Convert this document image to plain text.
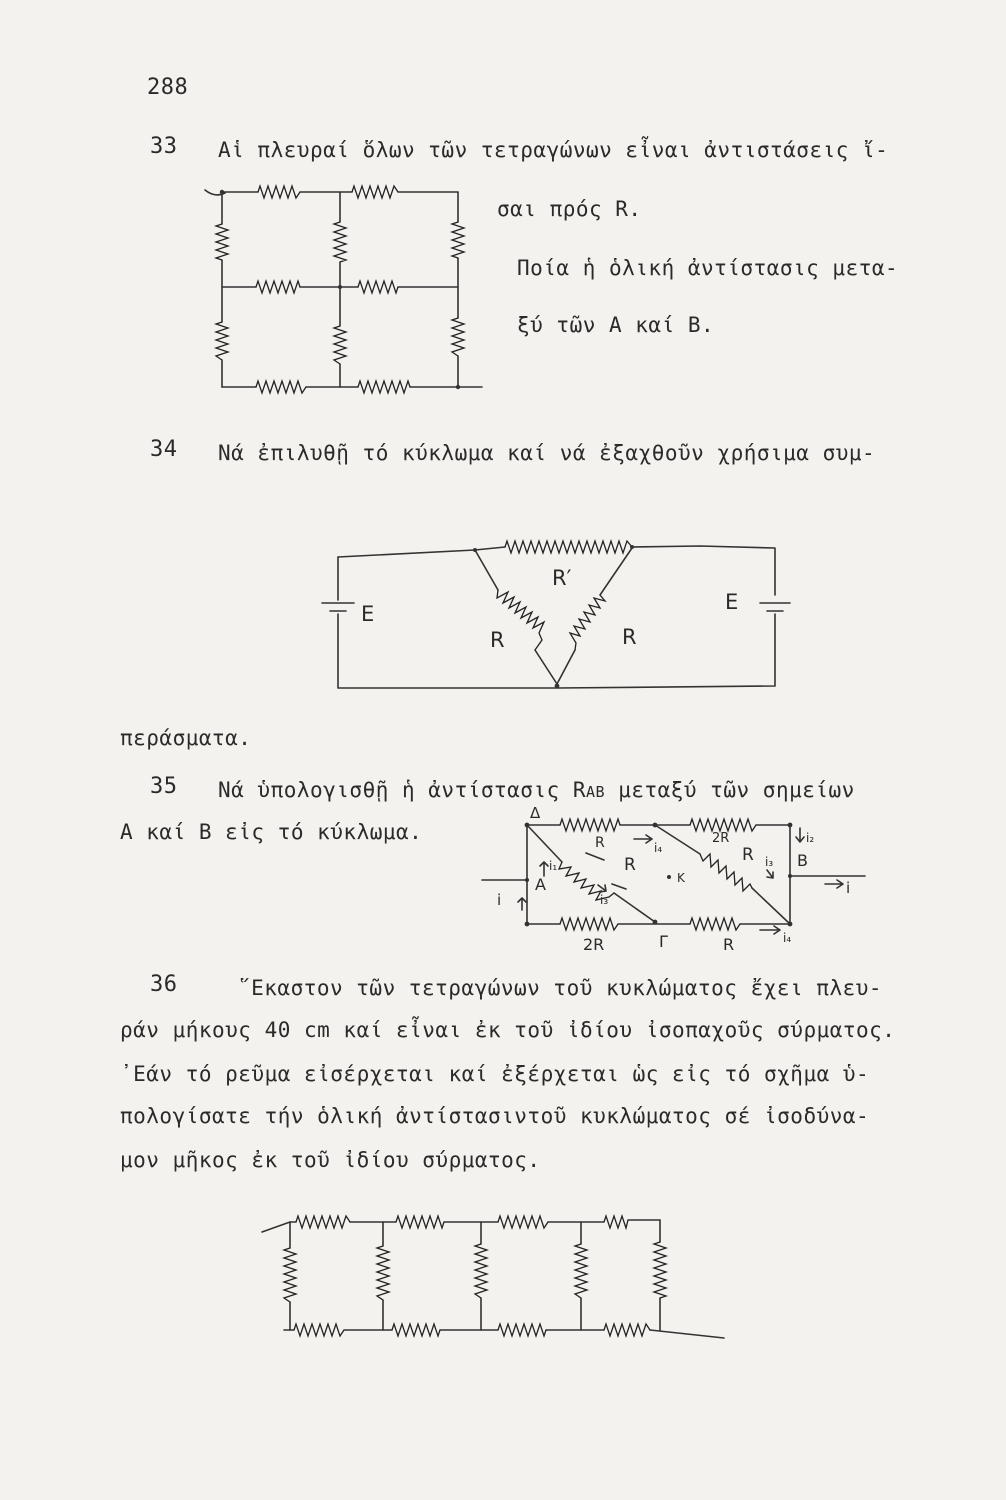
288
33 Αἱ πλευραί ὅλων τῶν τετραγώνων εἶναι ἀντιστάσεις ἴ-
σαι πρός R.
Ποία ἡ ὁλική ἀντίστασις μετα-
ξύ τῶν A καί B.
34 Νά ἐπιλυθῇ τό κύκλωμα καί νά ἐξαχθοῦν χρήσιμα συμ-
E	E
R′
R	R
περάσματα.
35 Νά ὑπολογισθῇ ἡ ἀντίστασις RAB μεταξύ τῶν σημείων
A καί B εἰς τό κύκλωμα.
Δ
A
B
Γ
K
R	2R
R	R
2R	R
i
i
i₁
i₂
i₃
i₃
i₄
i₄
36	῞Εκαστον τῶν τετραγώνων τοῦ κυκλώματος ἔχει πλευ-
ράν μήκους 40 cm καί εἶναι ἐκ τοῦ ἰδίου ἰσοπαχοῦς σύρματος.
᾽Εάν τό ρεῦμα εἰσέρχεται καί ἐξέρχεται ὡς εἰς τό σχῆμα ὑ-
πολογίσατε τήν ὁλική ἀντίστασιντοῦ κυκλώματος σέ ἰσοδύνα-
μον μῆκος ἐκ τοῦ ἰδίου σύρματος.
